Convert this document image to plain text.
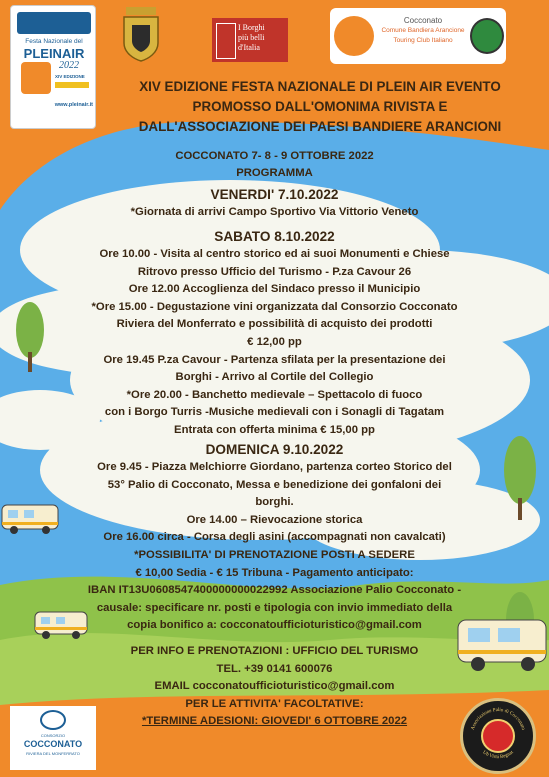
Festa Nazionale del
PLEINAIR
2022
XIV EDIZIONE
www.pleinair.it
I Borghi
più belli
d'Italia
Cocconato
Comune Bandiera Arancione
Touring Club Italiano
XIV EDIZIONE FESTA NAZIONALE DI PLEIN AIR EVENTO
PROMOSSO DALL'OMONIMA RIVISTA E
DALL'ASSOCIAZIONE DEI PAESI BANDIERE ARANCIONI
COCCONATO 7- 8 - 9 OTTOBRE 2022
PROGRAMMA
VENERDI' 7.10.2022
*Giornata di arrivi Campo Sportivo Via Vittorio Veneto
SABATO 8.10.2022
Ore 10.00 - Visita al centro storico ed ai suoi Monumenti e Chiese
Ritrovo presso Ufficio del Turismo - P.za Cavour 26
Ore 12.00 Accoglienza del Sindaco presso il Municipio
*Ore 15.00 - Degustazione vini organizzata dal Consorzio Cocconato
Riviera del Monferrato e possibilità di acquisto dei prodotti
€ 12,00 pp
Ore 19.45 P.za Cavour - Partenza sfilata per la presentazione dei
Borghi - Arrivo al Cortile del Collegio
*Ore 20.00 - Banchetto medievale – Spettacolo di fuoco
con i Borgo Turris -Musiche medievali con i Sonagli di Tagatam
Entrata con offerta minima € 15,00 pp
DOMENICA 9.10.2022
Ore 9.45 - Piazza Melchiorre Giordano, partenza corteo Storico del
53° Palio di Cocconato, Messa e benedizione dei gonfaloni dei
borghi.
Ore 14.00 – Rievocazione storica
Ore 16.00 circa - Corsa degli asini (accompagnati non cavalcati)
*POSSIBILITA' DI PRENOTAZIONE POSTI A SEDERE
€ 10,00 Sedia - € 15 Tribuna - Pagamento anticipato:
IBAN IT13U0608547400000000022992 Associazione Palio Cocconato -
causale: specificare nr. posti e tipologia con invio immediato della
copia bonifico a: cocconatoufficioturistico@gmail.com
PER INFO E PRENOTAZIONI : UFFICIO DEL TURISMO
TEL. +39 0141 600076
EMAIL cocconatoufficioturistico@gmail.com
PER LE ATTIVITA' FACOLTATIVE:
*TERMINE ADESIONI: GIOVEDI' 6 OTTOBRE 2022
CONSORZIO
COCCONATO
RIVIERA DEL MONFERRATO
Associazione Palio di Cocconato
Ub Virtú Regnat
